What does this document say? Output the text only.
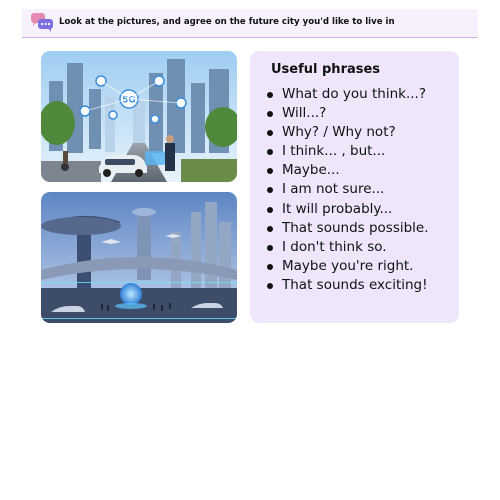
Look at the pictures, and agree on the future city you'd like to live in
5G
Useful phrases
What do you think...?
Will...?
Why? / Why not?
I think... , but...
Maybe...
I am not sure...
It will probably...
That sounds possible.
I don't think so.
Maybe you're right.
That sounds exciting!
